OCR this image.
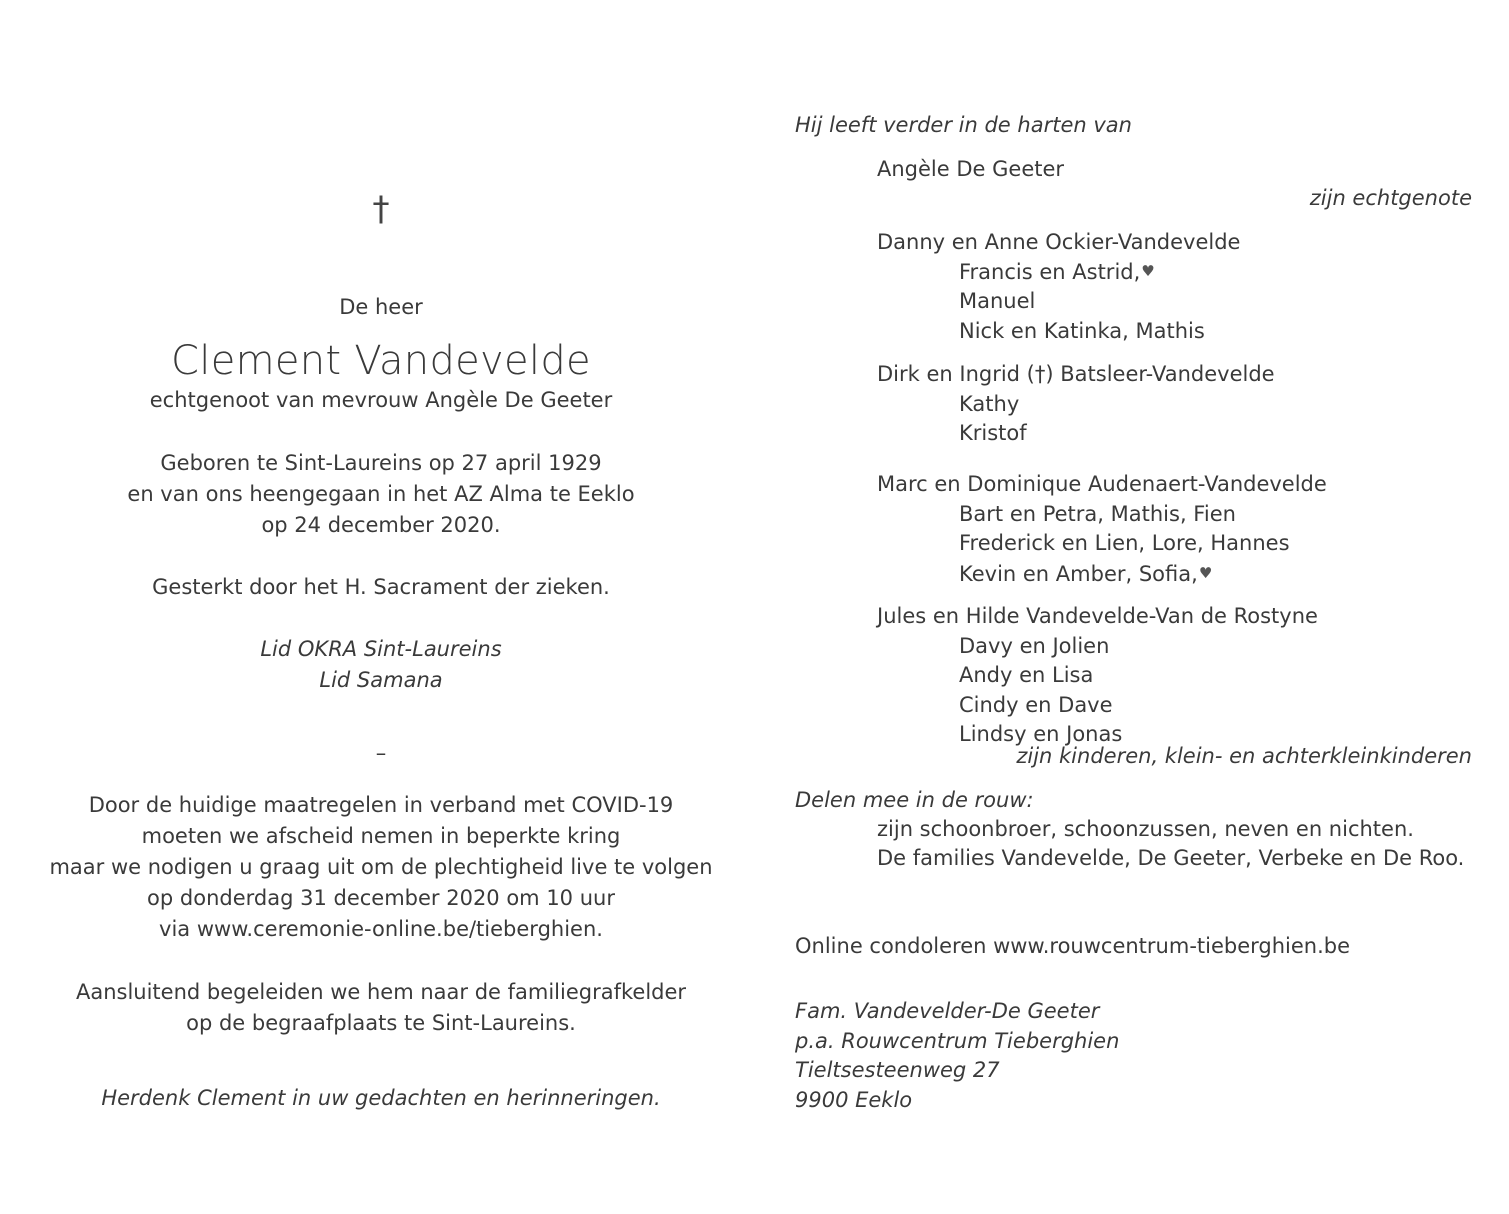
†
De heer
Clement Vandevelde
echtgenoot van mevrouw Angèle De Geeter
Geboren te Sint-Laureins op 27 april 1929
en van ons heengegaan in het AZ Alma te Eeklo
op 24 december 2020.
Gesterkt door het H. Sacrament der zieken.
Lid OKRA Sint-Laureins
Lid Samana
–
Door de huidige maatregelen in verband met COVID-19
moeten we afscheid nemen in beperkte kring
maar we nodigen u graag uit om de plechtigheid live te volgen
op donderdag 31 december 2020 om 10 uur
via www.ceremonie-online.be/tieberghien.
Aansluitend begeleiden we hem naar de familiegrafkelder
op de begraafplaats te Sint-Laureins.
Herdenk Clement in uw gedachten en herinneringen.
Hij leeft verder in de harten van
Angèle De Geeter
zijn echtgenote
Danny en Anne Ockier-Vandevelde
Francis en Astrid,♥
Manuel
Nick en Katinka, Mathis
Dirk en Ingrid (†) Batsleer-Vandevelde
Kathy
Kristof
Marc en Dominique Audenaert-Vandevelde
Bart en Petra, Mathis, Fien
Frederick en Lien, Lore, Hannes
Kevin en Amber, Sofia,♥
Jules en Hilde Vandevelde-Van de Rostyne
Davy en Jolien
Andy en Lisa
Cindy en Dave
Lindsy en Jonas
zijn kinderen, klein- en achterkleinkinderen
Delen mee in de rouw:
zijn schoonbroer, schoonzussen, neven en nichten.
De families Vandevelde, De Geeter, Verbeke en De Roo.
Online condoleren www.rouwcentrum-tieberghien.be
Fam. Vandevelder-De Geeter
p.a. Rouwcentrum Tieberghien
Tieltsesteenweg 27
9900 Eeklo
